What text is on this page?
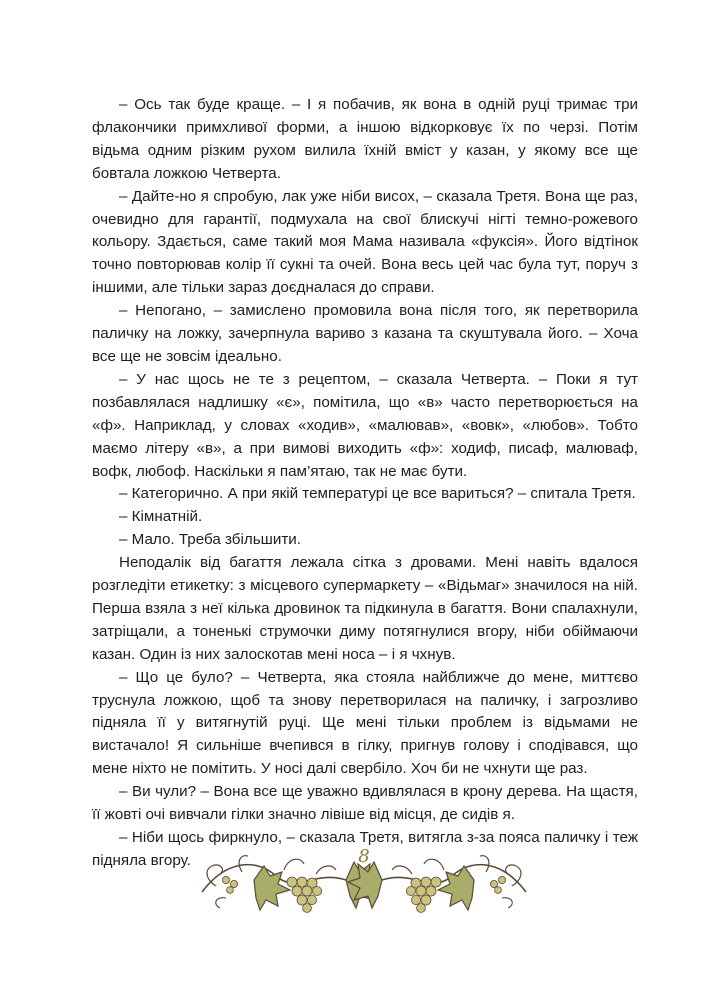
– Ось так буде краще. – І я побачив, як вона в одній руці тримає три флакончики примхливої форми, а іншою відкорковує їх по черзі. Потім відьма одним різким рухом вилила їхній вміст у казан, у якому все ще бовтала ложкою Четверта.

– Дайте-но я спробую, лак уже ніби висох, – сказала Третя. Вона ще раз, очевидно для гарантії, подмухала на свої блискучі нігті темно-рожевого кольору. Здається, саме такий моя Мама називала «фуксія». Його відтінок точно повторював колір її сукні та очей. Вона весь цей час була тут, поруч з іншими, але тільки зараз доєдналася до справи.

– Непогано, – замислено промовила вона після того, як перетворила паличку на ложку, зачерпнула вариво з казана та скуштувала його. – Хоча все ще не зовсім ідеально.

– У нас щось не те з рецептом, – сказала Четверта. – Поки я тут позбавлялася надлишку «є», помітила, що «в» часто перетворюється на «ф». Наприклад, у словах «ходив», «малював», «вовк», «любов». Тобто маємо літеру «в», а при вимові виходить «ф»: ходиф, писаф, малюваф, вофк, любоф. Наскільки я пам’ятаю, так не має бути.

– Категорично. А при якій температурі це все вариться? – спитала Третя.

– Кімнатній.

– Мало. Треба збільшити.

Неподалік від багаття лежала сітка з дровами. Мені навіть вдалося розгледіти етикетку: з місцевого супермаркету – «Відьмаг» значилося на ній. Перша взяла з неї кілька дровинок та підкинула в багаття. Вони спалахнули, затріщали, а тоненькі струмочки диму потягнулися вгору, ніби обіймаючи казан. Один із них залоскотав мені носа – і я чхнув.

– Що це було? – Четверта, яка стояла найближче до мене, миттєво труснула ложкою, щоб та знову перетворилася на паличку, і загрозливо підняла її у витягнутій руці. Ще мені тільки проблем із відьмами не вистачало! Я сильніше вчепився в гілку, пригнув голову і сподівався, що мене ніхто не помітить. У носі далі свербіло. Хоч би не чхнути ще раз.

– Ви чули? – Вона все ще уважно вдивлялася в крону дерева. На щастя, її жовті очі вивчали гілки значно лівіше від місця, де сидів я.

– Ніби щось фиркнуло, – сказала Третя, витягла з-за пояса паличку і теж підняла вгору.	8
